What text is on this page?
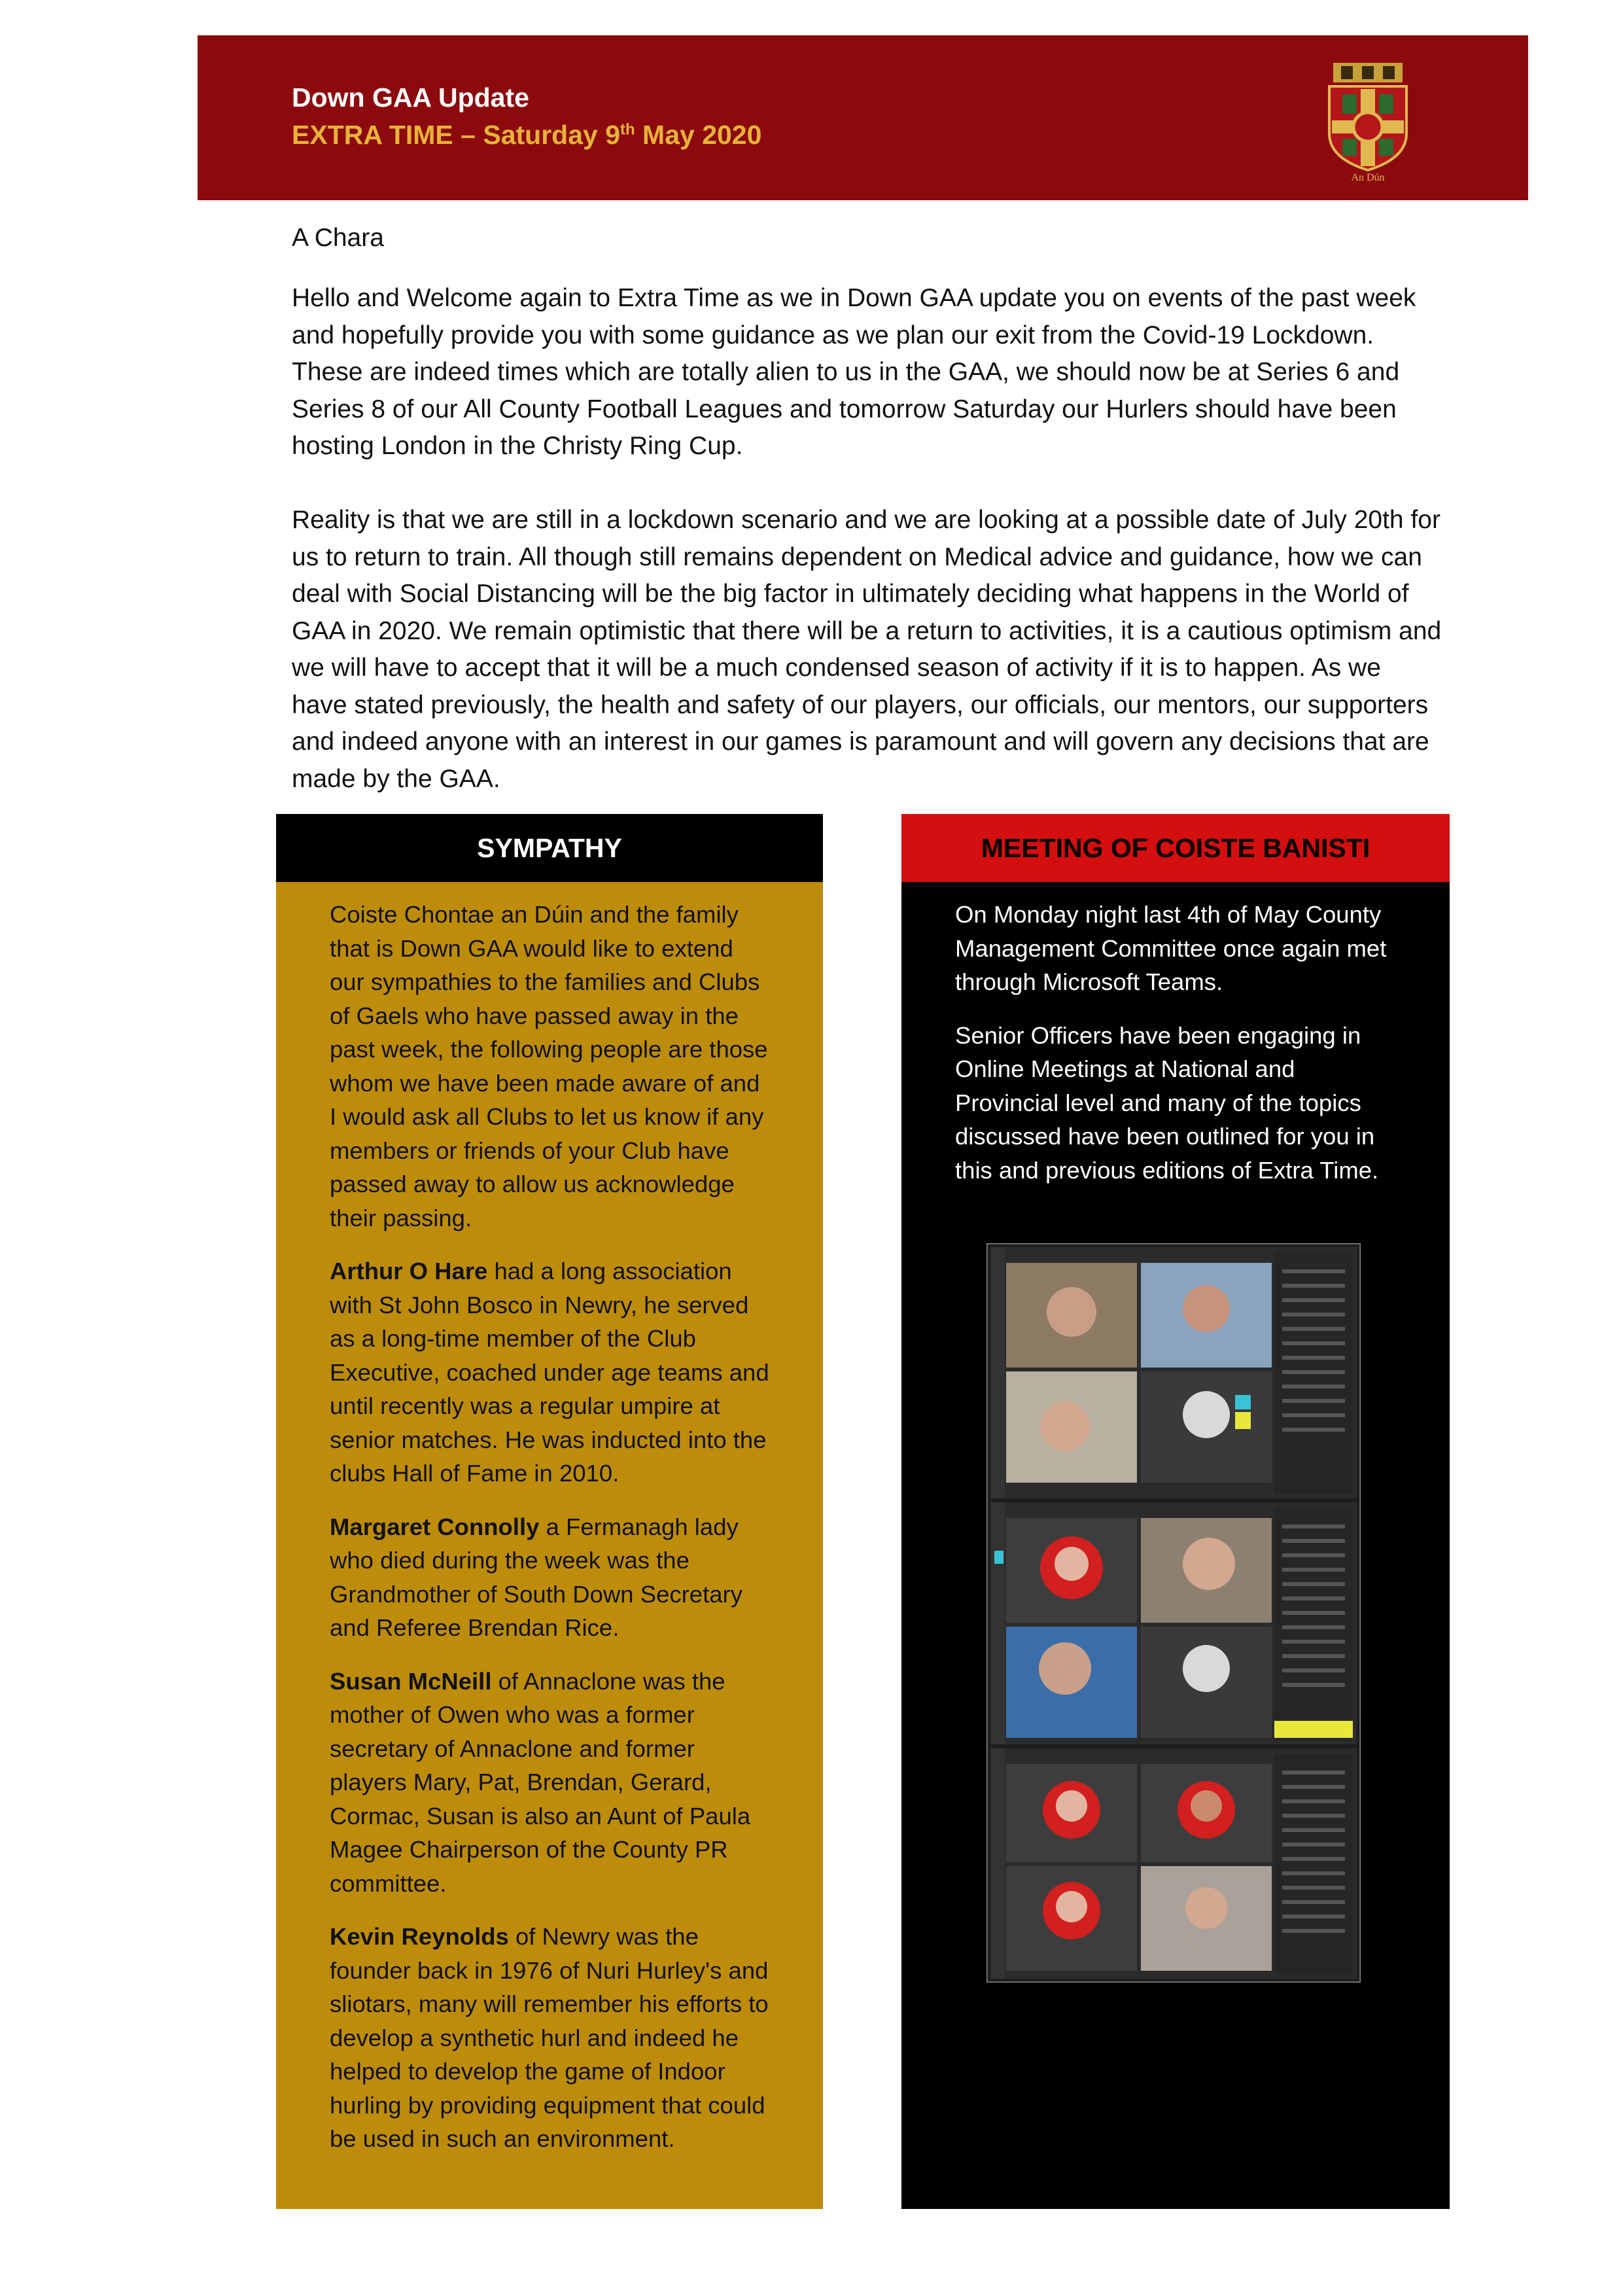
Down GAA Update
EXTRA TIME – Saturday 9th May 2020
An Dún
A Chara
Hello and Welcome again to Extra Time as we in Down GAA update you on events of the past week and hopefully provide you with some guidance as we plan our exit from the Covid-19 Lockdown. These are indeed times which are totally alien to us in the GAA, we should now be at Series 6 and Series 8 of our All County Football Leagues and tomorrow Saturday our Hurlers should have been hosting London in the Christy Ring Cup.
Reality is that we are still in a lockdown scenario and we are looking at a possible date of July 20th for us to return to train. All though still remains dependent on Medical advice and guidance, how we can deal with Social Distancing will be the big factor in ultimately deciding what happens in the World of GAA in 2020. We remain optimistic that there will be a return to activities, it is a cautious optimism and we will have to accept that it will be a much condensed season of activity if it is to happen. As we have stated previously, the health and safety of our players, our officials, our mentors, our supporters and indeed anyone with an interest in our games is paramount and will govern any decisions that are made by the GAA.
SYMPATHY

Coiste Chontae an Dúin and the family that is Down GAA would like to extend our sympathies to the families and Clubs of Gaels who have passed away in the past week, the following people are those whom we have been made aware of and I would ask all Clubs to let us know if any members or friends of your Club have passed away to allow us acknowledge their passing.

Arthur O Hare had a long association with St John Bosco in Newry, he served as a long-time member of the Club Executive, coached under age teams and until recently was a regular umpire at senior matches. He was inducted into the clubs Hall of Fame in 2010.

Margaret Connolly a Fermanagh lady who died during the week was the Grandmother of South Down Secretary and Referee Brendan Rice.

Susan McNeill of Annaclone was the mother of Owen who was a former secretary of Annaclone and former players Mary, Pat, Brendan, Gerard, Cormac, Susan is also an Aunt of Paula Magee Chairperson of the County PR committee.

Kevin Reynolds of Newry was the founder back in 1976 of Nuri Hurley's and sliotars, many will remember his efforts to develop a synthetic hurl and indeed he helped to develop the game of Indoor hurling by providing equipment that could be used in such an environment.

MEETING OF COISTE BANISTI

On Monday night last 4th of May County Management Committee once again met through Microsoft Teams.

Senior Officers have been engaging in Online Meetings at National and Provincial level and many of the topics discussed have been outlined for you in this and previous editions of Extra Time.
